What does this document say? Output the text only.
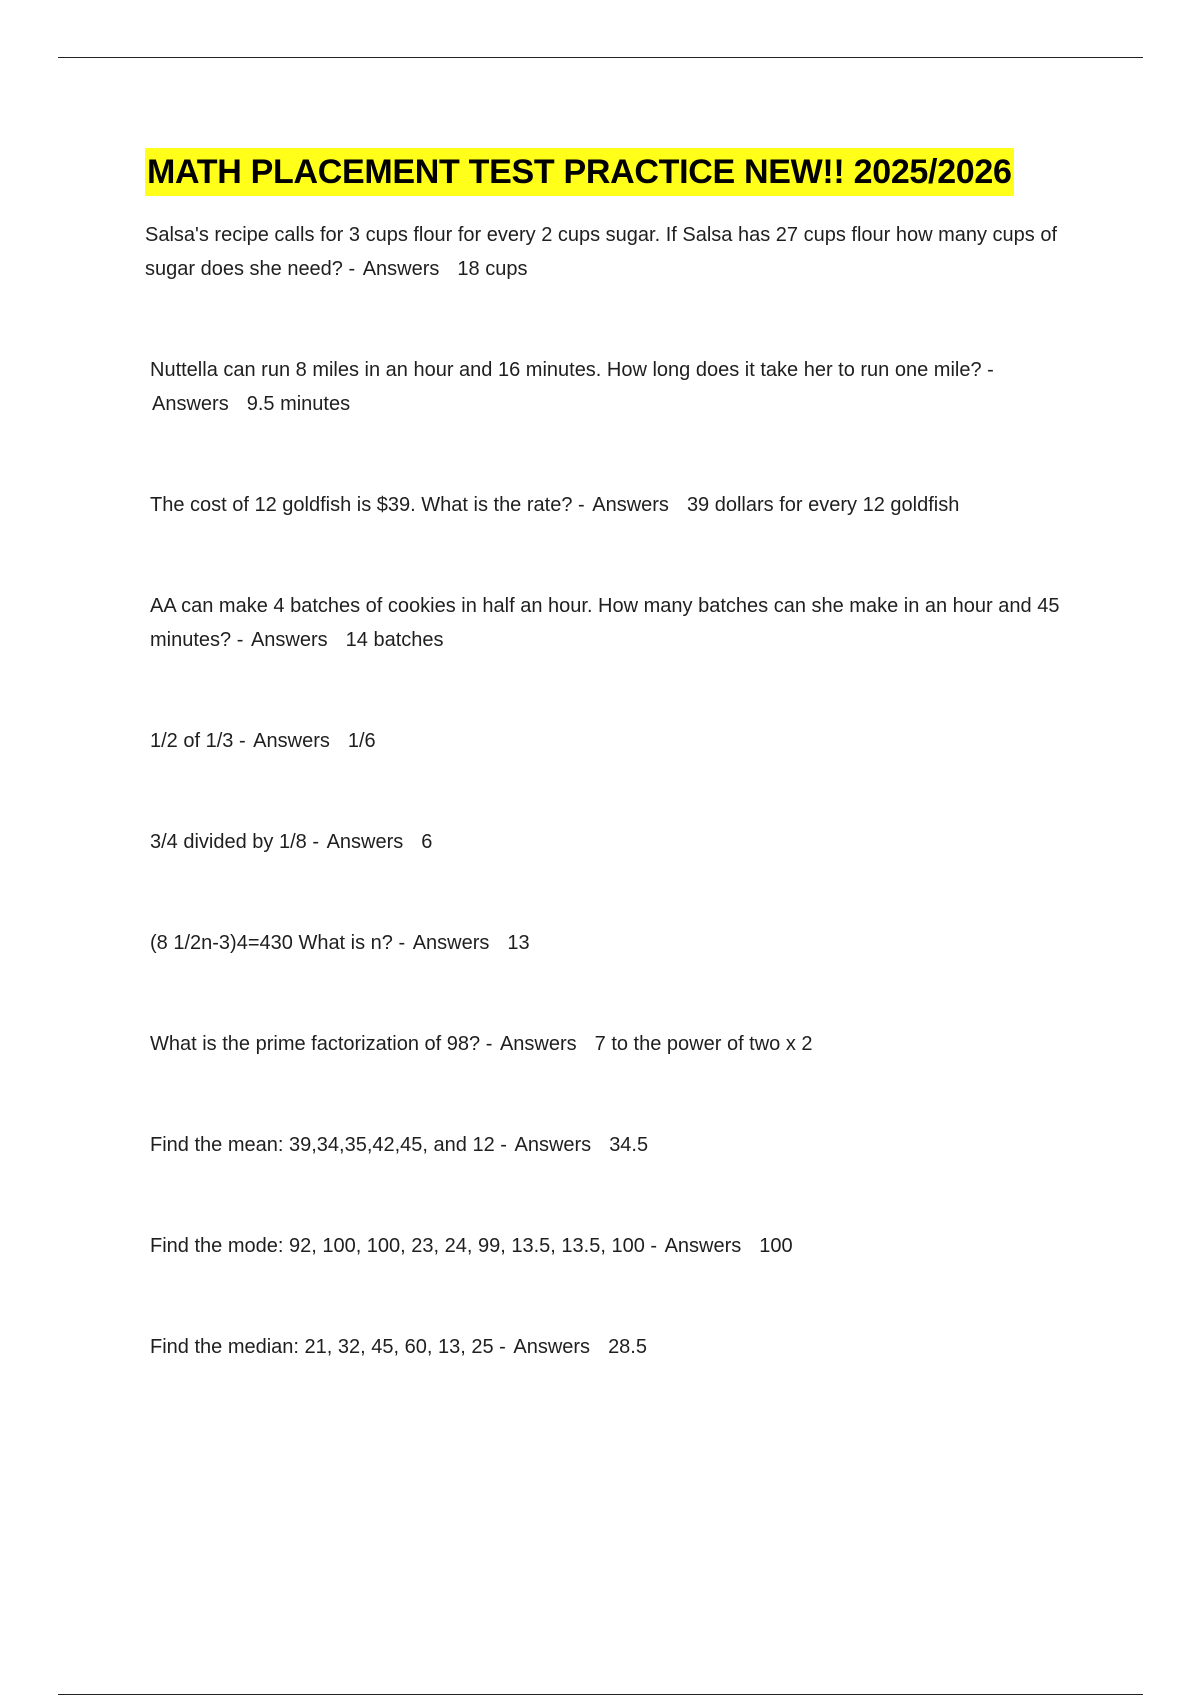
MATH PLACEMENT TEST PRACTICE NEW!! 2025/2026
Salsa's recipe calls for 3 cups flour for every 2 cups sugar. If Salsa has 27 cups flour how many cups of sugar does she need? - Answers 18 cups
Nuttella can run 8 miles in an hour and 16 minutes. How long does it take her to run one mile? - Answers 9.5 minutes
The cost of 12 goldfish is $39. What is the rate? - Answers 39 dollars for every 12 goldfish
AA can make 4 batches of cookies in half an hour. How many batches can she make in an hour and 45 minutes? - Answers 14 batches
1/2 of 1/3 - Answers 1/6
3/4 divided by 1/8 - Answers 6
(8 1/2n-3)4=430 What is n? - Answers 13
What is the prime factorization of 98? - Answers 7 to the power of two x 2
Find the mean: 39,34,35,42,45, and 12 - Answers 34.5
Find the mode: 92, 100, 100, 23, 24, 99, 13.5, 13.5, 100 - Answers 100
Find the median: 21, 32, 45, 60, 13, 25 - Answers 28.5
